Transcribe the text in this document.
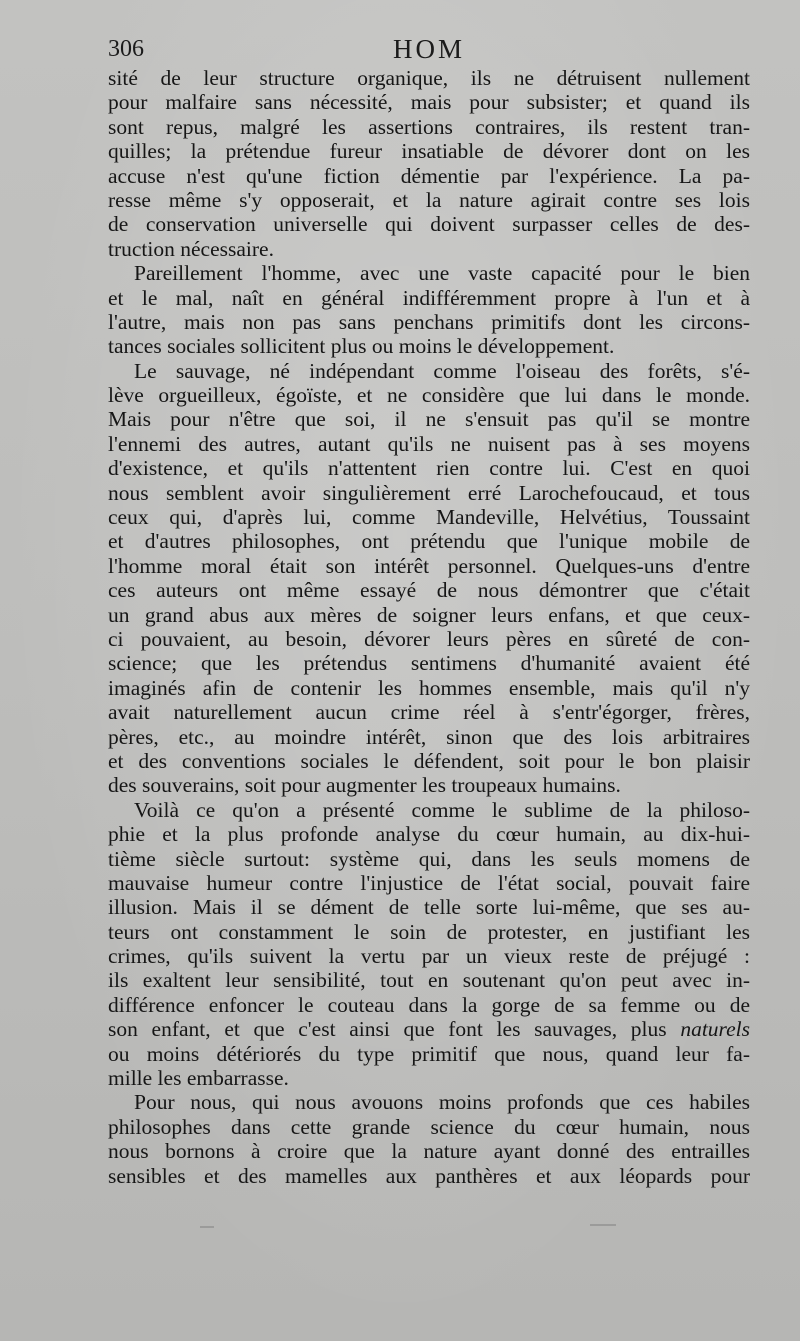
306	HOM
sité de leur structure organique, ils ne détruisent nullement
pour malfaire sans nécessité, mais pour subsister; et quand ils
sont repus, malgré les assertions contraires, ils restent tran-
quilles; la prétendue fureur insatiable de dévorer dont on les
accuse n'est qu'une fiction démentie par l'expérience. La pa-
resse même s'y opposerait, et la nature agirait contre ses lois
de conservation universelle qui doivent surpasser celles de des-
truction nécessaire.
Pareillement l'homme, avec une vaste capacité pour le bien
et le mal, naît en général indifféremment propre à l'un et à
l'autre, mais non pas sans penchans primitifs dont les circons-
tances sociales sollicitent plus ou moins le développement.
Le sauvage, né indépendant comme l'oiseau des forêts, s'é-
lève orgueilleux, égoïste, et ne considère que lui dans le monde.
Mais pour n'être que soi, il ne s'ensuit pas qu'il se montre
l'ennemi des autres, autant qu'ils ne nuisent pas à ses moyens
d'existence, et qu'ils n'attentent rien contre lui. C'est en quoi
nous semblent avoir singulièrement erré Larochefoucaud, et tous
ceux qui, d'après lui, comme Mandeville, Helvétius, Toussaint
et d'autres philosophes, ont prétendu que l'unique mobile de
l'homme moral était son intérêt personnel. Quelques-uns d'entre
ces auteurs ont même essayé de nous démontrer que c'était
un grand abus aux mères de soigner leurs enfans, et que ceux-
ci pouvaient, au besoin, dévorer leurs pères en sûreté de con-
science; que les prétendus sentimens d'humanité avaient été
imaginés afin de contenir les hommes ensemble, mais qu'il n'y
avait naturellement aucun crime réel à s'entr'égorger, frères,
pères, etc., au moindre intérêt, sinon que des lois arbitraires
et des conventions sociales le défendent, soit pour le bon plaisir
des souverains, soit pour augmenter les troupeaux humains.
Voilà ce qu'on a présenté comme le sublime de la philoso-
phie et la plus profonde analyse du cœur humain, au dix-hui-
tième siècle surtout: système qui, dans les seuls momens de
mauvaise humeur contre l'injustice de l'état social, pouvait faire
illusion. Mais il se dément de telle sorte lui-même, que ses au-
teurs ont constamment le soin de protester, en justifiant les
crimes, qu'ils suivent la vertu par un vieux reste de préjugé :
ils exaltent leur sensibilité, tout en soutenant qu'on peut avec in-
différence enfoncer le couteau dans la gorge de sa femme ou de
son enfant, et que c'est ainsi que font les sauvages, plus naturels
ou moins détériorés du type primitif que nous, quand leur fa-
mille les embarrasse.
Pour nous, qui nous avouons moins profonds que ces habiles
philosophes dans cette grande science du cœur humain, nous
nous bornons à croire que la nature ayant donné des entrailles
sensibles et des mamelles aux panthères et aux léopards pour
